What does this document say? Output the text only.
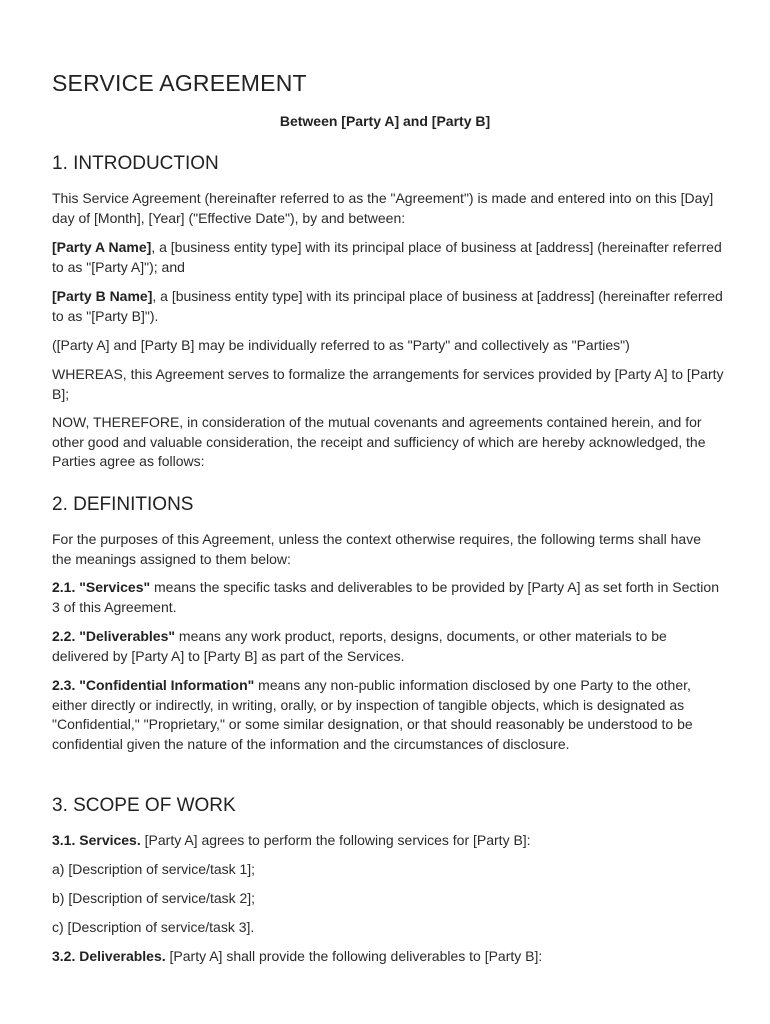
SERVICE AGREEMENT
Between [Party A] and [Party B]
1. INTRODUCTION

This Service Agreement (hereinafter referred to as the "Agreement") is made and entered into on this [Day] day of [Month], [Year] ("Effective Date"), by and between:

[Party A Name], a [business entity type] with its principal place of business at [address] (hereinafter referred to as "[Party A]"); and

[Party B Name], a [business entity type] with its principal place of business at [address] (hereinafter referred to as "[Party B]").

([Party A] and [Party B] may be individually referred to as "Party" and collectively as "Parties")

WHEREAS, this Agreement serves to formalize the arrangements for services provided by [Party A] to [Party B];

NOW, THEREFORE, in consideration of the mutual covenants and agreements contained herein, and for other good and valuable consideration, the receipt and sufficiency of which are hereby acknowledged, the Parties agree as follows:

2. DEFINITIONS

For the purposes of this Agreement, unless the context otherwise requires, the following terms shall have the meanings assigned to them below:

2.1. "Services" means the specific tasks and deliverables to be provided by [Party A] as set forth in Section 3 of this Agreement.

2.2. "Deliverables" means any work product, reports, designs, documents, or other materials to be delivered by [Party A] to [Party B] as part of the Services.

2.3. "Confidential Information" means any non-public information disclosed by one Party to the other, either directly or indirectly, in writing, orally, or by inspection of tangible objects, which is designated as "Confidential," "Proprietary," or some similar designation, or that should reasonably be understood to be confidential given the nature of the information and the circumstances of disclosure.

3. SCOPE OF WORK

3.1. Services. [Party A] agrees to perform the following services for [Party B]:

a) [Description of service/task 1];

b) [Description of service/task 2];

c) [Description of service/task 3].

3.2. Deliverables. [Party A] shall provide the following deliverables to [Party B]:
